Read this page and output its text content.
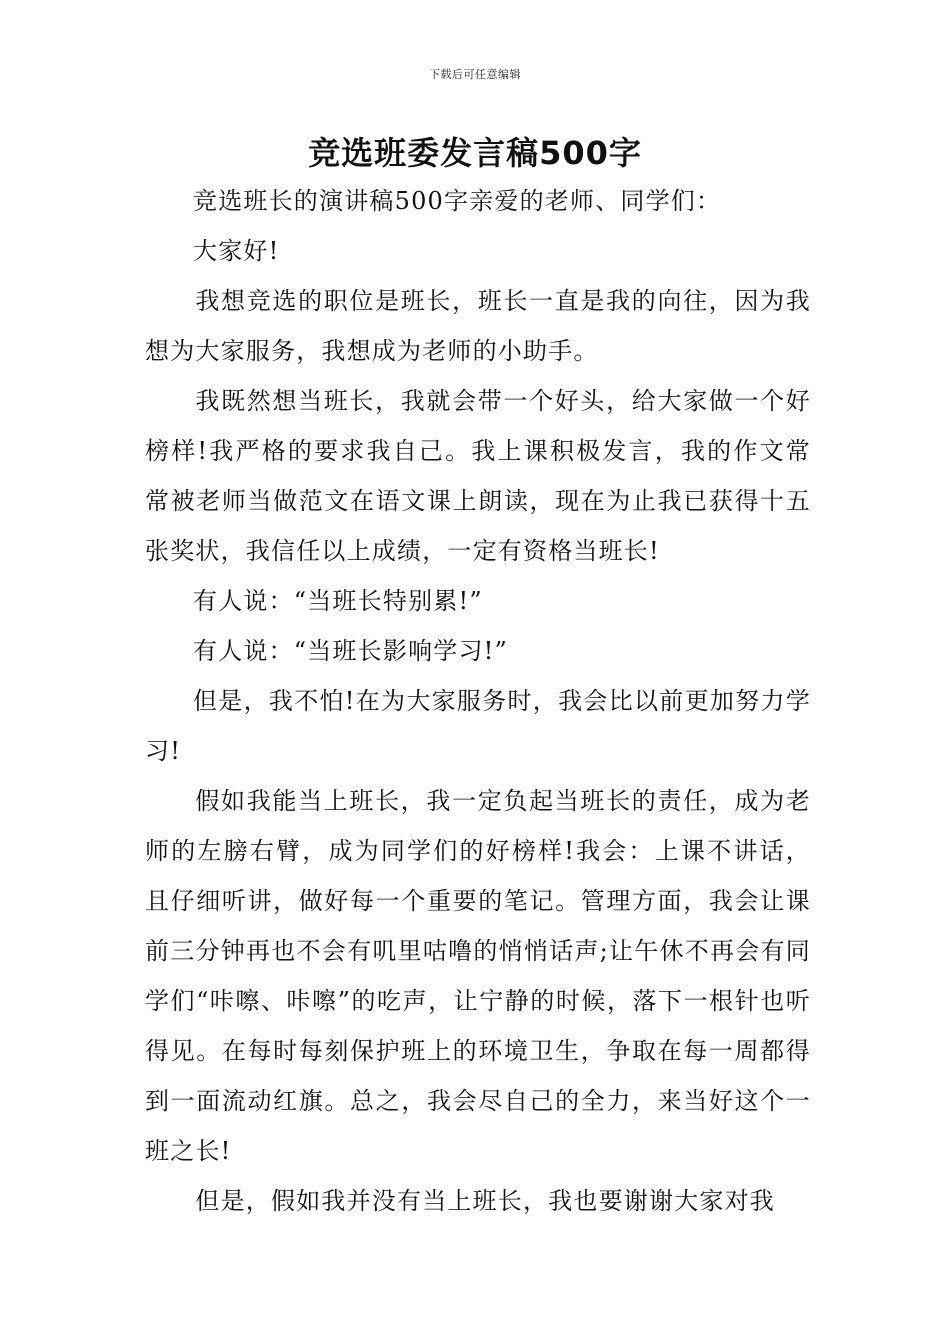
下载后可任意编辑
竞选班委发言稿500字

竞选班长的演讲稿500字亲爱的老师、同学们：

大家好!

我想竞选的职位是班长，班长一直是我的向往，因为我想为大家服务，我想成为老师的小助手。

我既然想当班长，我就会带一个好头，给大家做一个好榜样!我严格的要求我自己。我上课积极发言，我的作文常常被老师当做范文在语文课上朗读，现在为止我已获得十五张奖状，我信任以上成绩，一定有资格当班长!

有人说：“当班长特别累!”

有人说：“当班长影响学习!”

但是，我不怕!在为大家服务时，我会比以前更加努力学习!

假如我能当上班长，我一定负起当班长的责任，成为老师的左膀右臂，成为同学们的好榜样!我会：上课不讲话，且仔细听讲，做好每一个重要的笔记。管理方面，我会让课前三分钟再也不会有叽里咕噜的悄悄话声;让午休不再会有同学们“咔嚓、咔嚓”的吃声，让宁静的时候，落下一根针也听得见。在每时每刻保护班上的环境卫生，争取在每一周都得到一面流动红旗。总之，我会尽自己的全力，来当好这个一班之长!

但是，假如我并没有当上班长，我也要谢谢大家对我
